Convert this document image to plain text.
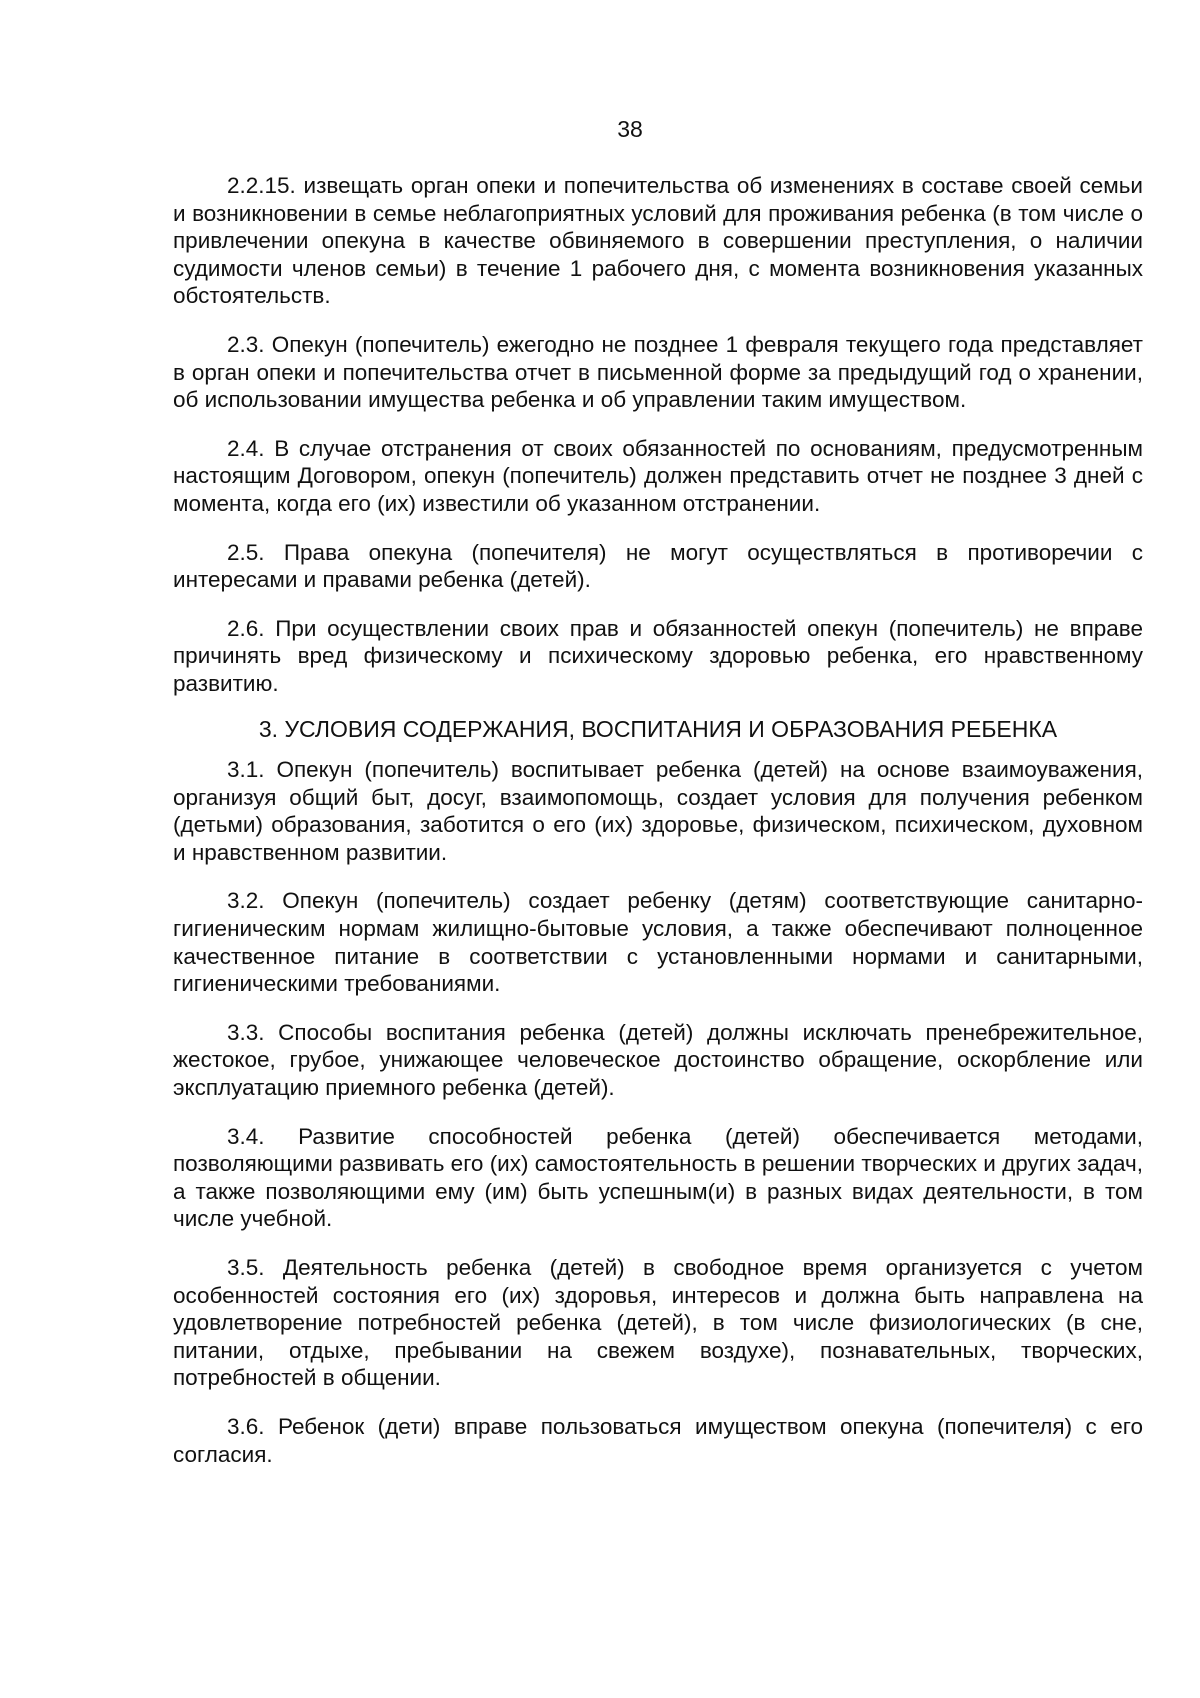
38

2.2.15. извещать орган опеки и попечительства об изменениях в составе своей семьи и возникновении в семье неблагоприятных условий для проживания ребенка (в том числе о привлечении опекуна в качестве обвиняемого в совершении преступления, о наличии судимости членов семьи) в течение 1 рабочего дня, с момента возникновения указанных обстоятельств.

2.3. Опекун (попечитель) ежегодно не позднее 1 февраля текущего года представляет в орган опеки и попечительства отчет в письменной форме за предыдущий год о хранении, об использовании имущества ребенка и об управлении таким имуществом.

2.4. В случае отстранения от своих обязанностей по основаниям, предусмотренным настоящим Договором, опекун (попечитель) должен представить отчет не позднее 3 дней с момента, когда его (их) известили об указанном отстранении.

2.5. Права опекуна (попечителя) не могут осуществляться в противоречии с интересами и правами ребенка (детей).

2.6. При осуществлении своих прав и обязанностей опекун (попечитель) не вправе причинять вред физическому и психическому здоровью ребенка, его нравственному развитию.

3. УСЛОВИЯ СОДЕРЖАНИЯ, ВОСПИТАНИЯ И ОБРАЗОВАНИЯ РЕБЕНКА

3.1. Опекун (попечитель) воспитывает ребенка (детей) на основе взаимоуважения, организуя общий быт, досуг, взаимопомощь, создает условия для получения ребенком (детьми) образования, заботится о его (их) здоровье, физическом, психическом, духовном и нравственном развитии.

3.2. Опекун (попечитель) создает ребенку (детям) соответствующие санитарно-гигиеническим нормам жилищно-бытовые условия, а также обеспечивают полноценное качественное питание в соответствии с установленными нормами и санитарными, гигиеническими требованиями.

3.3. Способы воспитания ребенка (детей) должны исключать пренебрежительное, жестокое, грубое, унижающее человеческое достоинство обращение, оскорбление или эксплуатацию приемного ребенка (детей).

3.4. Развитие способностей ребенка (детей) обеспечивается методами, позволяющими развивать его (их) самостоятельность в решении творческих и других задач, а также позволяющими ему (им) быть успешным(и) в разных видах деятельности, в том числе учебной.

3.5. Деятельность ребенка (детей) в свободное время организуется с учетом особенностей состояния его (их) здоровья, интересов и должна быть направлена на удовлетворение потребностей ребенка (детей), в том числе физиологических (в сне, питании, отдыхе, пребывании на свежем воздухе), познавательных, творческих, потребностей в общении.

3.6. Ребенок (дети) вправе пользоваться имуществом опекуна (попечителя) с его согласия.
